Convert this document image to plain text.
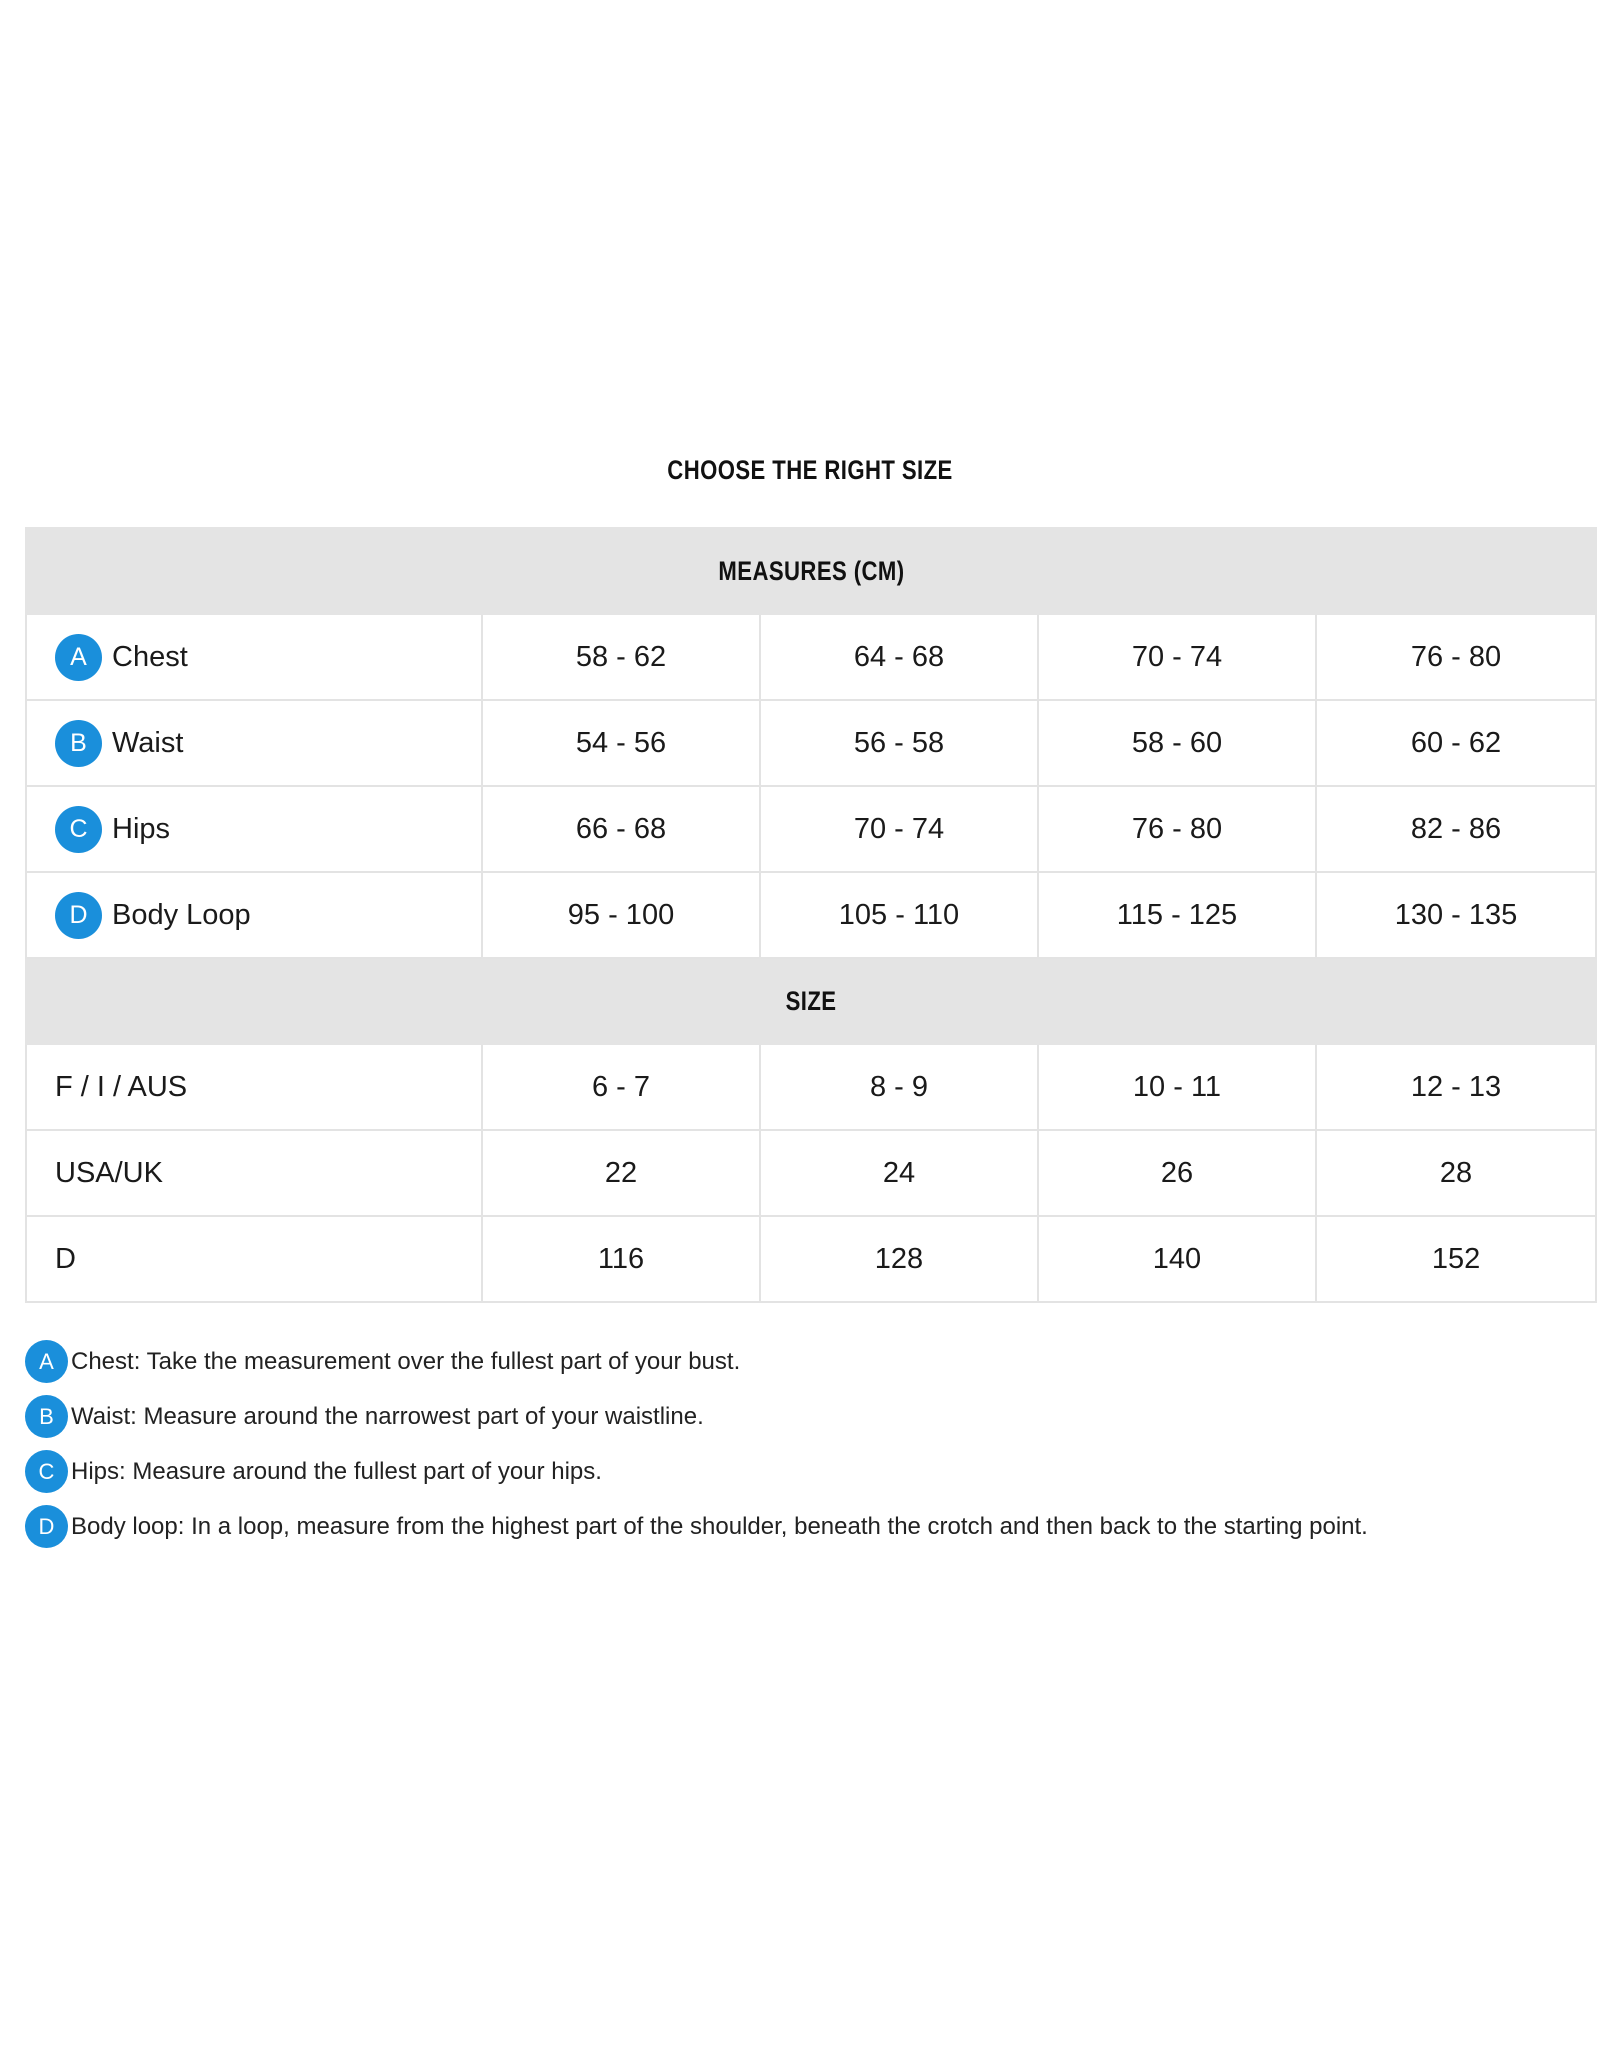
CHOOSE THE RIGHT SIZE
MEASURES (CM)				
A Chest	58 - 62	64 - 68	70 - 74	76 - 80
B Waist	54 - 56	56 - 58	58 - 60	60 - 62
C Hips	66 - 68	70 - 74	76 - 80	82 - 86
D Body Loop	95 - 100	105 - 110	115 - 125	130 - 135
SIZE				
F / I / AUS	6 - 7	8 - 9	10 - 11	12 - 13
USA/UK	22	24	26	28
D	116	128	140	152
A Chest: Take the measurement over the fullest part of your bust.
B Waist: Measure around the narrowest part of your waistline.
C Hips: Measure around the fullest part of your hips.
D Body loop: In a loop, measure from the highest part of the shoulder, beneath the crotch and then back to the starting point.
